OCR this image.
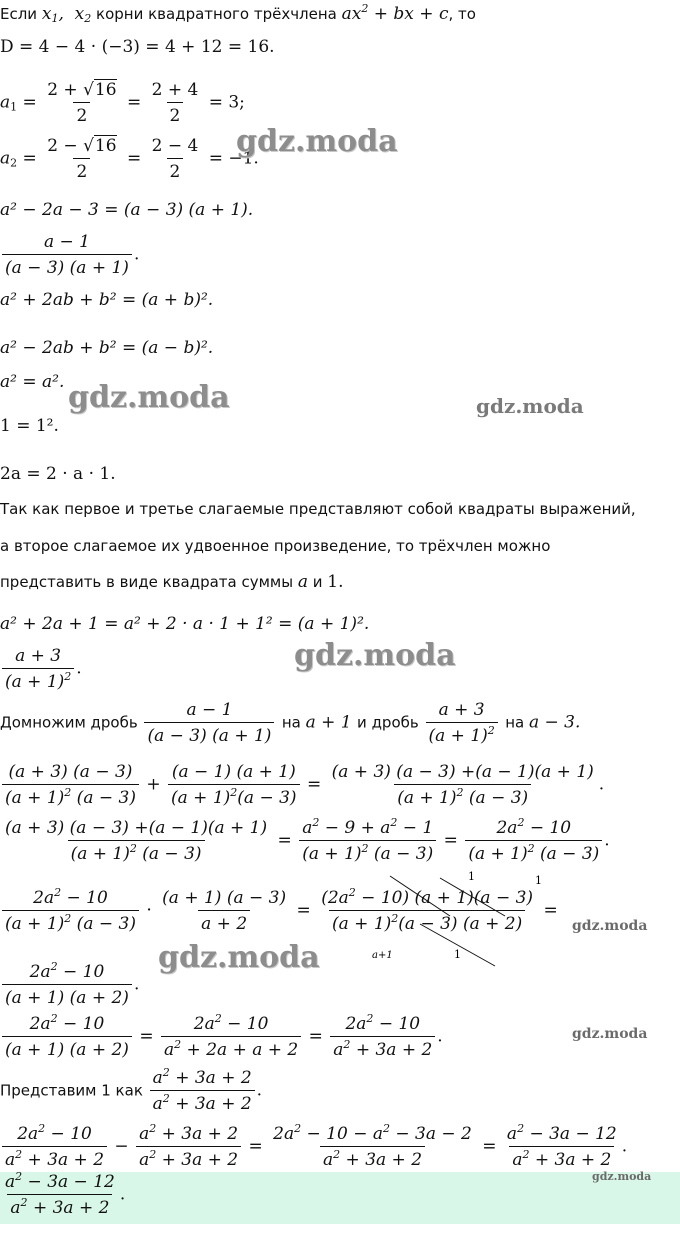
Если $x_1$,  $x_2$ корни квадратного трёхчлена $ax^2$ + bx + c, то
D = 4 − 4 · (−3) = 4 + 12 = 16.
$a_1 = \frac{2 + √16}{2} = \frac{2 + 4}{2} = 3$;
$a_2 = \frac{2 - √16}{2} = \frac{2 - 4}{2} = -1$.
a² − 2a − 3 = (a − 3) (a + 1).
$\frac{a - 1}{(a - 3) (a + 1)}$ .
a² + 2ab + b² = (a + b)².
a² − 2ab + b² = (a − b)².
a² = a².
1 = 1².
2a = 2 · a · 1.
Так как первое и третье слагаемые представляют собой квадраты выражений,
а второе слагаемое их удвоенное произведение, то трёхчлен можно
представить в виде квадрата суммы a и 1.
a² + 2a + 1 = a² + 2 · a · 1 + 1² = (a + 1)².
$\frac{a + 3}{(a + 1)^2}$ .
Домножим дробь $\frac{a - 1}{(a - 3) (a + 1)}$ на a + 1 и дробь $\frac{a + 3}{(a + 1)^2}$ на a − 3.
$\frac{(a + 3) (a - 3)}{(a + 1)^2 (a - 3)} + \frac{(a - 1) (a + 1)}{(a + 1)^2(a - 3)} = \frac{(a + 3) (a - 3) +(a - 1)(a + 1)}{(a + 1)^2 (a - 3)}$ .
$\frac{(a + 3) (a - 3) +(a - 1)(a + 1)}{(a + 1)^2 (a - 3)} = \frac{a^2 - 9 + a^2 - 1}{(a + 1)^2 (a - 3)} = \frac{2a^2 - 10}{(a + 1)^2 (a - 3)}$ .
$\frac{2a^2 - 10}{(a + 1)^2 (a - 3)} \cdot \frac{(a + 1) (a - 3)}{a + 2} = \frac{(2a^2 - 10) (a + 1)(a - 3)}{(a + 1)^2(a - 3) (a + 2)}$ =
1	1
a+1	1
$\frac{2a^2 - 10}{(a + 1) (a + 2)}$ .
$\frac{2a^2 - 10}{(a + 1) (a + 2)} = \frac{2a^2 - 10}{a^2 + 2a + a + 2} = \frac{2a^2 - 10}{a^2 + 3a + 2}$ .
Представим 1 как $\frac{a^2 + 3a + 2}{a^2 + 3a + 2}$ .
$\frac{2a^2 - 10}{a^2 + 3a + 2} - \frac{a^2 + 3a + 2}{a^2 + 3a + 2} = \frac{2a^2 - 10 - a^2 - 3a - 2}{a^2 + 3a + 2} = \frac{a^2 - 3a - 12}{a^2 + 3a + 2}$ .
$\frac{a^2 - 3a - 12}{a^2 + 3a + 2}$ .
gdz.moda
gdz.moda	gdz.moda
gdz.moda
gdz.moda
gdz.moda
gdz.moda
gdz.moda
